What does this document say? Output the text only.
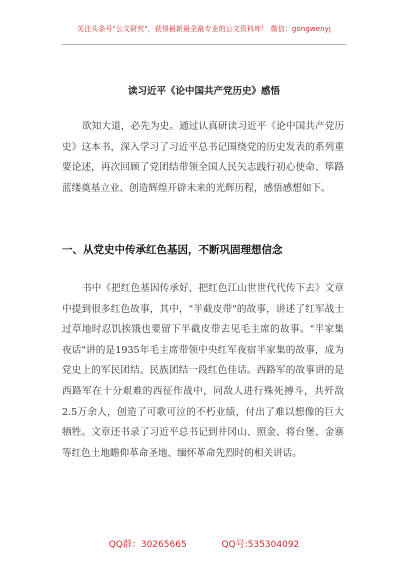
关注头条号"公文研究"，获得最新最全最专业的公文资料库！ 微信：gongwenyj
读习近平《论中国共产党历史》感悟

欲知大道，必先为史。通过认真研读习近平《论中国共产党历史》这本书，深入学习了习近平总书记围绕党的历史发表的系列重要论述，再次回顾了党团结带领全国人民矢志践行初心使命、筚路蓝缕奠基立业、创造辉煌开辟未来的光辉历程，感悟感想如下。

一、从党史中传承红色基因，不断巩固理想信念

书中《把红色基因传承好，把红色江山世世代代传下去》文章中提到很多红色故事，其中，"半截皮带"的故事，讲述了红军战士过草地时忍饥挨饿也要留下半截皮带去见毛主席的故事。"半家集夜话"讲的是1935年毛主席带领中央红军夜宿半家集的故事，成为党史上的军民团结、民族团结一段红色佳话。西路军的故事讲的是西路军在十分艰难的西征作战中，同敌人进行殊死搏斗，共歼敌2.5万余人，创造了可歌可泣的不朽业绩，付出了难以想像的巨大牺牲。文章还书录了习近平总书记到井冈山、照金、将台堡、金寨等红色土地瞻仰革命圣地、缅怀革命先烈时的相关讲话。

QQ群：30265665	QQ号:535304092
